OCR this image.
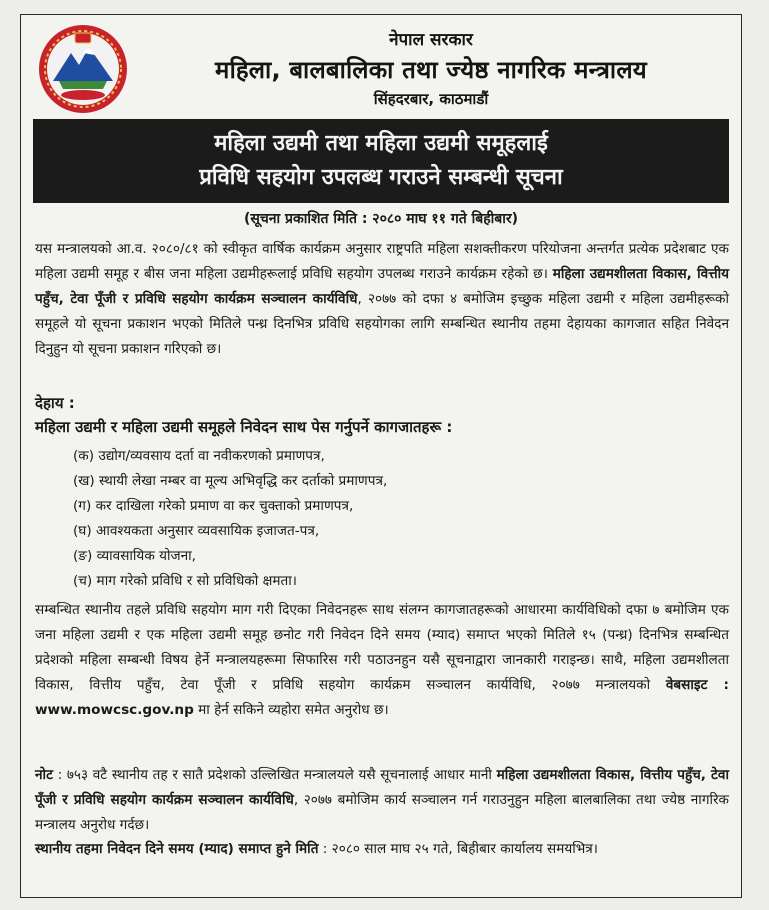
नेपाल सरकार
महिला, बालबालिका तथा ज्येष्ठ नागरिक मन्त्रालय
सिंहदरबार, काठमाडौं
महिला उद्यमी तथा महिला उद्यमी समूहलाई
प्रविधि सहयोग उपलब्ध गराउने सम्बन्धी सूचना
(सूचना प्रकाशित मिति : २०८० माघ ११ गते बिहीबार)

यस मन्त्रालयको आ.व. २०८०/८१ को स्वीकृत वार्षिक कार्यक्रम अनुसार राष्ट्रपति महिला सशक्तीकरण परियोजना अन्तर्गत प्रत्येक प्रदेशबाट एक महिला उद्यमी समूह र बीस जना महिला उद्यमीहरूलाई प्रविधि सहयोग उपलब्ध गराउने कार्यक्रम रहेको छ। महिला उद्यमशीलता विकास, वित्तीय पहुँच, टेवा पूँजी र प्रविधि सहयोग कार्यक्रम सञ्चालन कार्यविधि, २०७७ को दफा ४ बमोजिम इच्छुक महिला उद्यमी र महिला उद्यमीहरूको समूहले यो सूचना प्रकाशन भएको मितिले पन्ध्र दिनभित्र प्रविधि सहयोगका लागि सम्बन्धित स्थानीय तहमा देहायका कागजात सहित निवेदन दिनुहुन यो सूचना प्रकाशन गरिएको छ।

देहाय :
महिला उद्यमी र महिला उद्यमी समूहले निवेदन साथ पेस गर्नुपर्ने कागजातहरू :
(क) उद्योग/व्यवसाय दर्ता वा नवीकरणको प्रमाणपत्र,
(ख) स्थायी लेखा नम्बर वा मूल्य अभिवृद्धि कर दर्ताको प्रमाणपत्र,
(ग) कर दाखिला गरेको प्रमाण वा कर चुक्ताको प्रमाणपत्र,
(घ) आवश्यकता अनुसार व्यवसायिक इजाजत-पत्र,
(ङ) व्यावसायिक योजना,
(च) माग गरेको प्रविधि र सो प्रविधिको क्षमता।

सम्बन्धित स्थानीय तहले प्रविधि सहयोग माग गरी दिएका निवेदनहरू साथ संलग्न कागजातहरूको आधारमा कार्यविधिको दफा ७ बमोजिम एक जना महिला उद्यमी र एक महिला उद्यमी समूह छनोट गरी निवेदन दिने समय (म्याद) समाप्त भएको मितिले १५ (पन्ध्र) दिनभित्र सम्बन्धित प्रदेशको महिला सम्बन्धी विषय हेर्ने मन्त्रालयहरूमा सिफारिस गरी पठाउनहुन यसै सूचनाद्वारा जानकारी गराइन्छ। साथै, महिला उद्यमशीलता विकास, वित्तीय पहुँच, टेवा पूँजी र प्रविधि सहयोग कार्यक्रम सञ्चालन कार्यविधि, २०७७ मन्त्रालयको वेबसाइट : www.mowcsc.gov.np मा हेर्न सकिने व्यहोरा समेत अनुरोध छ।

नोट : ७५३ वटै स्थानीय तह र सातै प्रदेशको उल्लिखित मन्त्रालयले यसै सूचनालाई आधार मानी महिला उद्यमशीलता विकास, वित्तीय पहुँच, टेवा पूँजी र प्रविधि सहयोग कार्यक्रम सञ्चालन कार्यविधि, २०७७ बमोजिम कार्य सञ्चालन गर्न गराउनुहुन महिला बालबालिका तथा ज्येष्ठ नागरिक मन्त्रालय अनुरोध गर्दछ।

स्थानीय तहमा निवेदन दिने समय (म्याद) समाप्त हुने मिति : २०८० साल माघ २५ गते, बिहीबार कार्यालय समयभित्र।
